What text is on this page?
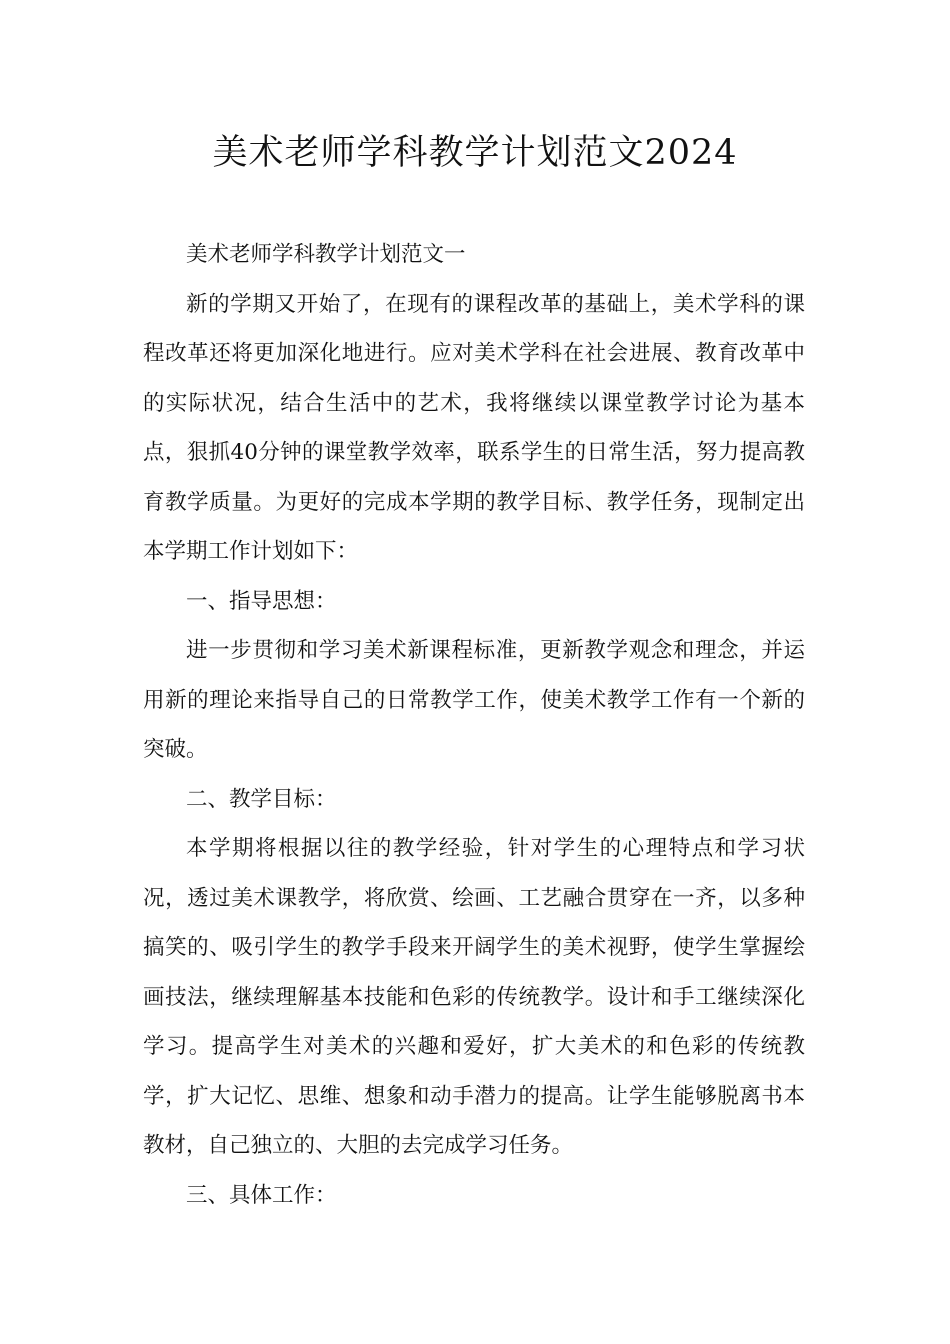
美术老师学科教学计划范文2024

美术老师学科教学计划范文一

新的学期又开始了，在现有的课程改革的基础上，美术学科的课程改革还将更加深化地进行。应对美术学科在社会进展、教育改革中的实际状况，结合生活中的艺术，我将继续以课堂教学讨论为基本点，狠抓40分钟的课堂教学效率，联系学生的日常生活，努力提高教育教学质量。为更好的完成本学期的教学目标、教学任务，现制定出本学期工作计划如下：

一、指导思想：

进一步贯彻和学习美术新课程标准，更新教学观念和理念，并运用新的理论来指导自己的日常教学工作，使美术教学工作有一个新的突破。

二、教学目标：

本学期将根据以往的教学经验，针对学生的心理特点和学习状况，透过美术课教学，将欣赏、绘画、工艺融合贯穿在一齐，以多种搞笑的、吸引学生的教学手段来开阔学生的美术视野，使学生掌握绘画技法，继续理解基本技能和色彩的传统教学。设计和手工继续深化学习。提高学生对美术的兴趣和爱好，扩大美术的和色彩的传统教学，扩大记忆、思维、想象和动手潜力的提高。让学生能够脱离书本教材，自己独立的、大胆的去完成学习任务。

三、具体工作：
